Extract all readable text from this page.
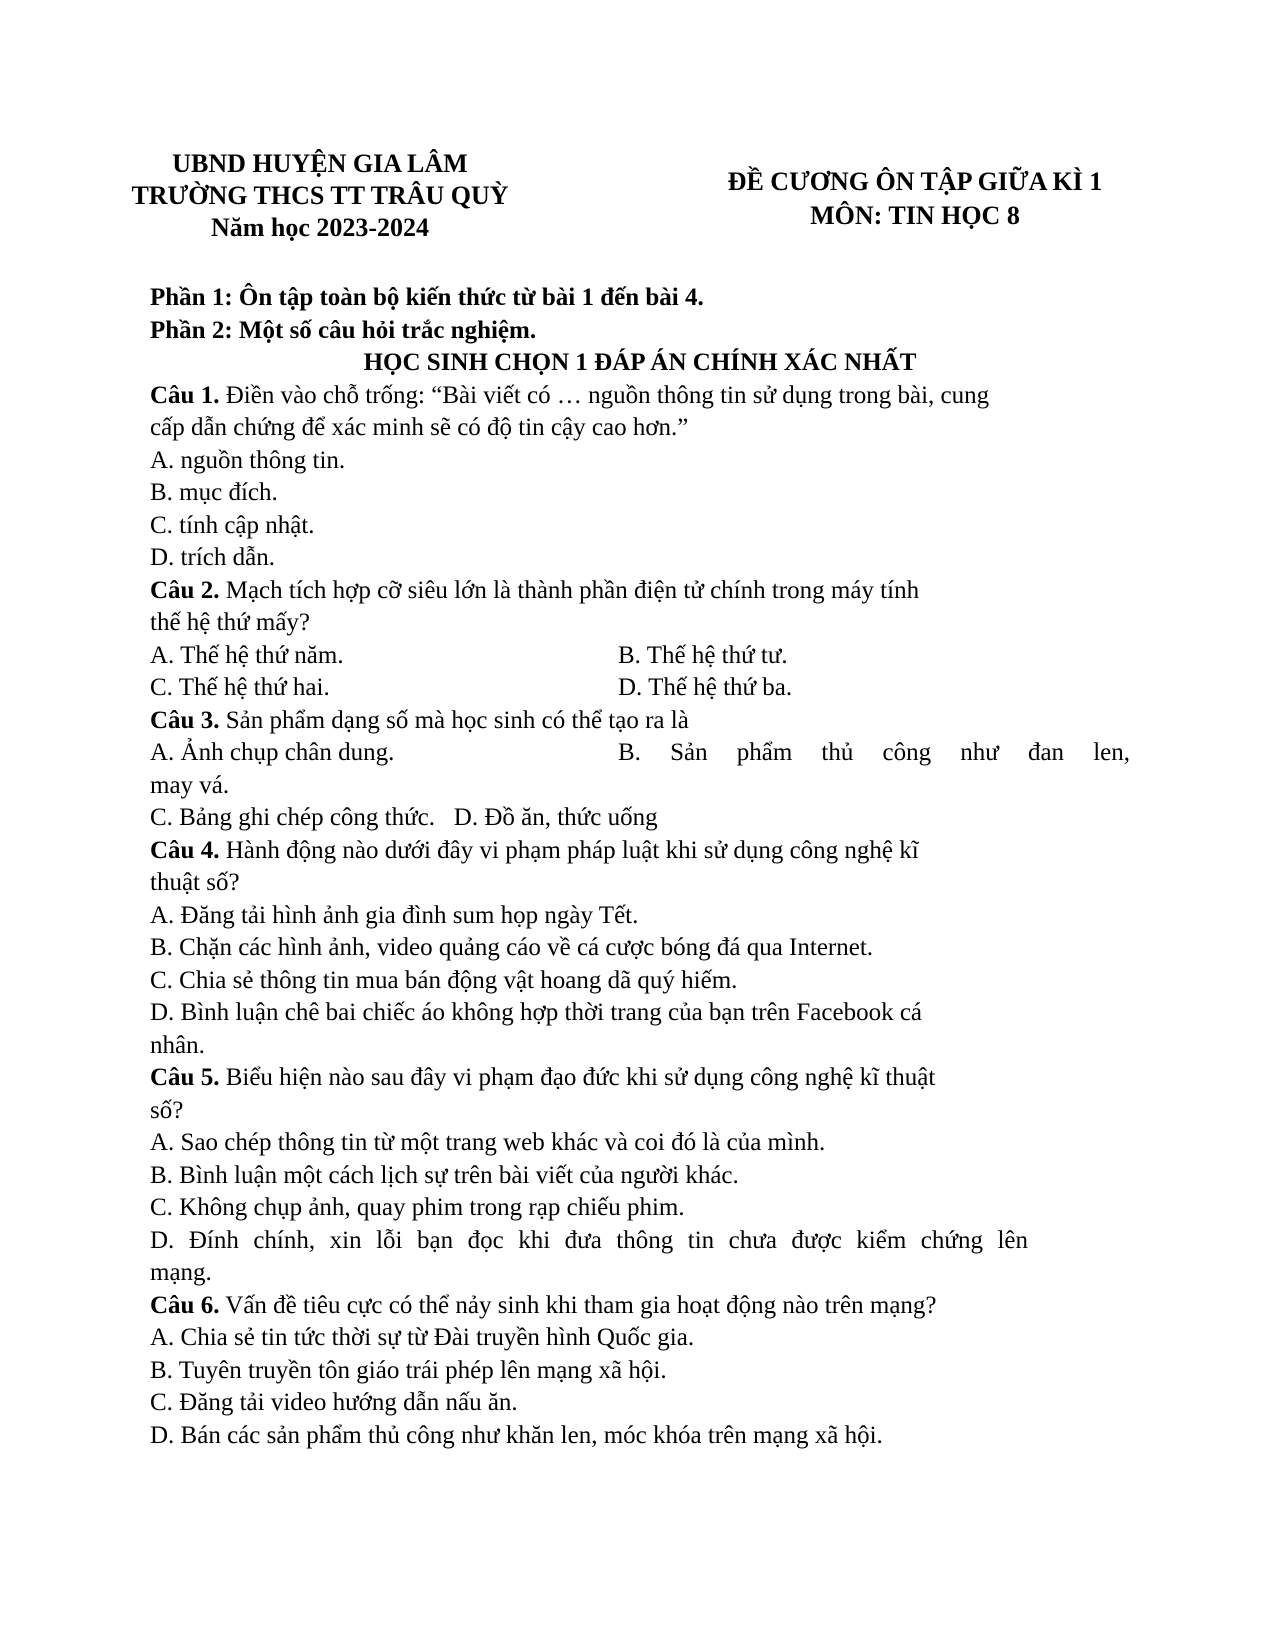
UBND HUYỆN GIA LÂM
TRƯỜNG THCS TT TRÂU QUỲ
Năm học 2023-2024
ĐỀ CƯƠNG ÔN TẬP GIỮA KÌ 1
MÔN: TIN HỌC 8
Phần 1: Ôn tập toàn bộ kiến thức từ bài 1 đến bài 4.
Phần 2: Một số câu hỏi trắc nghiệm.
HỌC SINH CHỌN 1 ĐÁP ÁN CHÍNH XÁC NHẤT
Câu 1. Điền vào chỗ trống: “Bài viết có … nguồn thông tin sử dụng trong bài, cung
cấp dẫn chứng để xác minh sẽ có độ tin cậy cao hơn.”
A. nguồn thông tin.
B. mục đích.
C. tính cập nhật.
D. trích dẫn.
Câu 2. Mạch tích hợp cỡ siêu lớn là thành phần điện tử chính trong máy tính
thế hệ thứ mấy?
A. Thế hệ thứ năm.	B. Thế hệ thứ tư.
C. Thế hệ thứ hai.	D. Thế hệ thứ ba.
Câu 3. Sản phẩm dạng số mà học sinh có thể tạo ra là
A. Ảnh chụp chân dung.	B. Sản phẩm thủ công như đan len,
may vá.
C. Bảng ghi chép công thức. D. Đồ ăn, thức uống
Câu 4. Hành động nào dưới đây vi phạm pháp luật khi sử dụng công nghệ kĩ
thuật số?
A. Đăng tải hình ảnh gia đình sum họp ngày Tết.
B. Chặn các hình ảnh, video quảng cáo về cá cược bóng đá qua Internet.
C. Chia sẻ thông tin mua bán động vật hoang dã quý hiếm.
D. Bình luận chê bai chiếc áo không hợp thời trang của bạn trên Facebook cá
nhân.
Câu 5. Biểu hiện nào sau đây vi phạm đạo đức khi sử dụng công nghệ kĩ thuật
số?
A. Sao chép thông tin từ một trang web khác và coi đó là của mình.
B. Bình luận một cách lịch sự trên bài viết của người khác.
C. Không chụp ảnh, quay phim trong rạp chiếu phim.
D. Đính chính, xin lỗi bạn đọc khi đưa thông tin chưa được kiểm chứng lên
mạng.
Câu 6. Vấn đề tiêu cực có thể nảy sinh khi tham gia hoạt động nào trên mạng?
A. Chia sẻ tin tức thời sự từ Đài truyền hình Quốc gia.
B. Tuyên truyền tôn giáo trái phép lên mạng xã hội.
C. Đăng tải video hướng dẫn nấu ăn.
D. Bán các sản phẩm thủ công như khăn len, móc khóa trên mạng xã hội.
